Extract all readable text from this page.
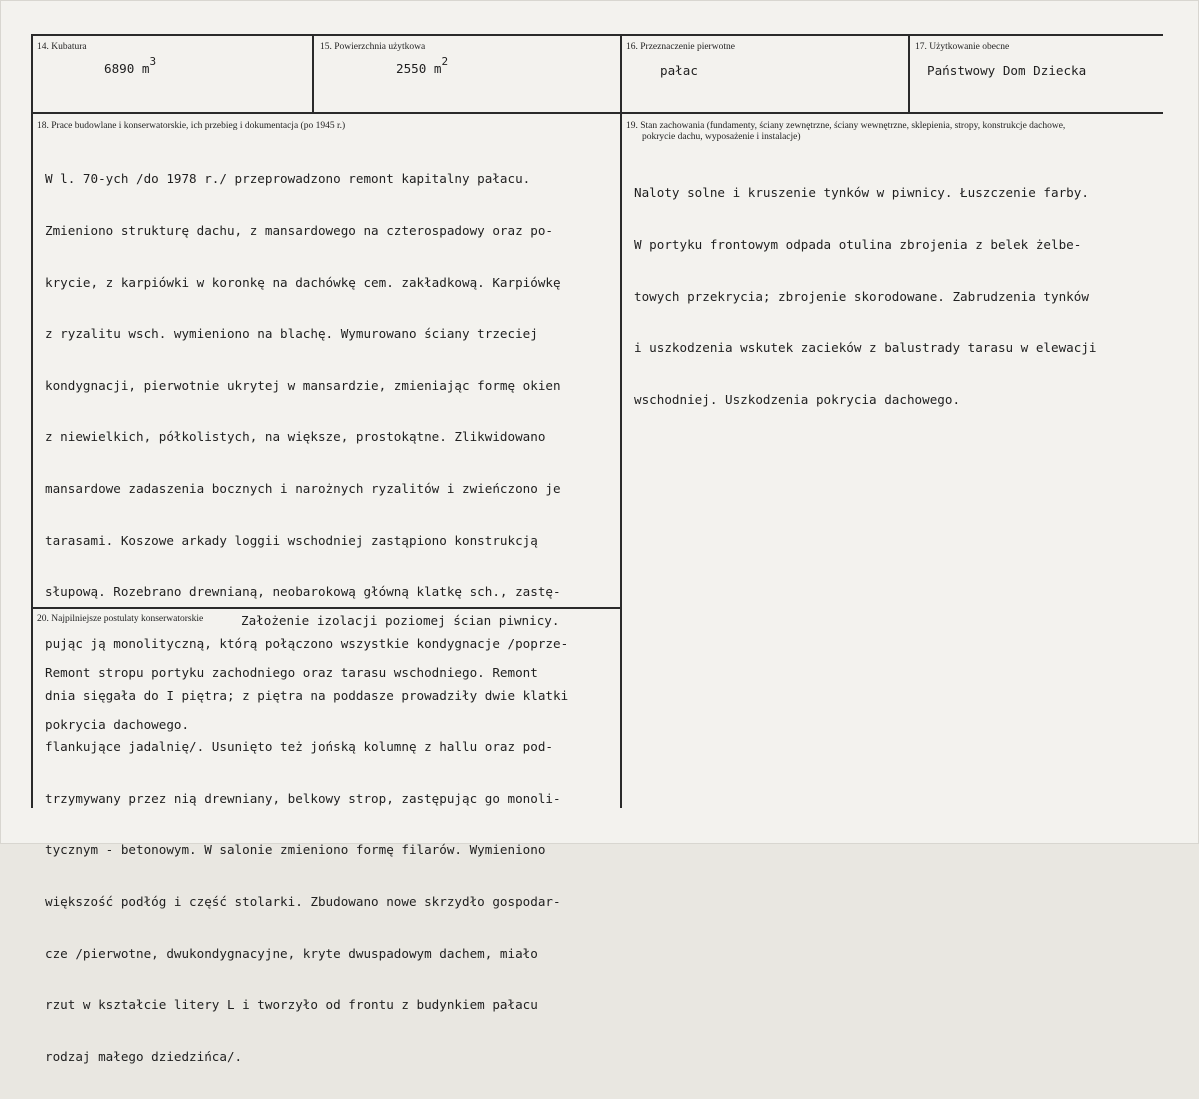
14. Kubatura
6890 $m^3$
15. Powierzchnia użytkowa
2550 $m^2$
16. Przeznaczenie pierwotne
pałac
17. Użytkowanie obecne
Państwowy Dom Dziecka
18. Prace budowlane i konserwatorskie, ich przebieg i dokumentacja (po 1945 r.)

W l. 70-ych /do 1978 r./ przeprowadzono remont kapitalny pałacu.

Zmieniono strukturę dachu, z mansardowego na czterospadowy oraz po-

krycie, z karpiówki w koronkę na dachówkę cem. zakładkową. Karpiówkę

z ryzalitu wsch. wymieniono na blachę. Wymurowano ściany trzeciej

kondygnacji, pierwotnie ukrytej w mansardzie, zmieniając formę okien

z niewielkich, półkolistych, na większe, prostokątne. Zlikwidowano

mansardowe zadaszenia bocznych i narożnych ryzalitów i zwieńczono je

tarasami. Koszowe arkady loggii wschodniej zastąpiono konstrukcją

słupową. Rozebrano drewnianą, neobarokową główną klatkę sch., zastę-

pując ją monolityczną, którą połączono wszystkie kondygnacje /poprze-

dnia sięgała do I piętra; z piętra na poddasze prowadziły dwie klatki

flankujące jadalnię/. Usunięto też jońską kolumnę z hallu oraz pod-

trzymywany przez nią drewniany, belkowy strop, zastępując go monoli-

tycznym - betonowym. W salonie zmieniono formę filarów. Wymieniono

większość podłóg i część stolarki. Zbudowano nowe skrzydło gospodar-

cze /pierwotne, dwukondygnacyjne, kryte dwuspadowym dachem, miało

rzut w kształcie litery L i tworzyło od frontu z budynkiem pałacu

rodzaj małego dziedzińca/.

19. Stan zachowania (fundamenty, ściany zewnętrzne, ściany wewnętrzne, sklepienia, stropy, konstrukcje dachowe,
pokrycie dachu, wyposażenie i instalacje)

Naloty solne i kruszenie tynków w piwnicy. Łuszczenie farby.

W portyku frontowym odpada otulina zbrojenia z belek żelbe-

towych przekrycia; zbrojenie skorodowane. Zabrudzenia tynków

i uszkodzenia wskutek zacieków z balustrady tarasu w elewacji

wschodniej. Uszkodzenia pokrycia dachowego.

20. Najpilniejsze postulaty konserwatorskie	Założenie izolacji poziomej ścian piwnicy.

Remont stropu portyku zachodniego oraz tarasu wschodniego. Remont

pokrycia dachowego.
